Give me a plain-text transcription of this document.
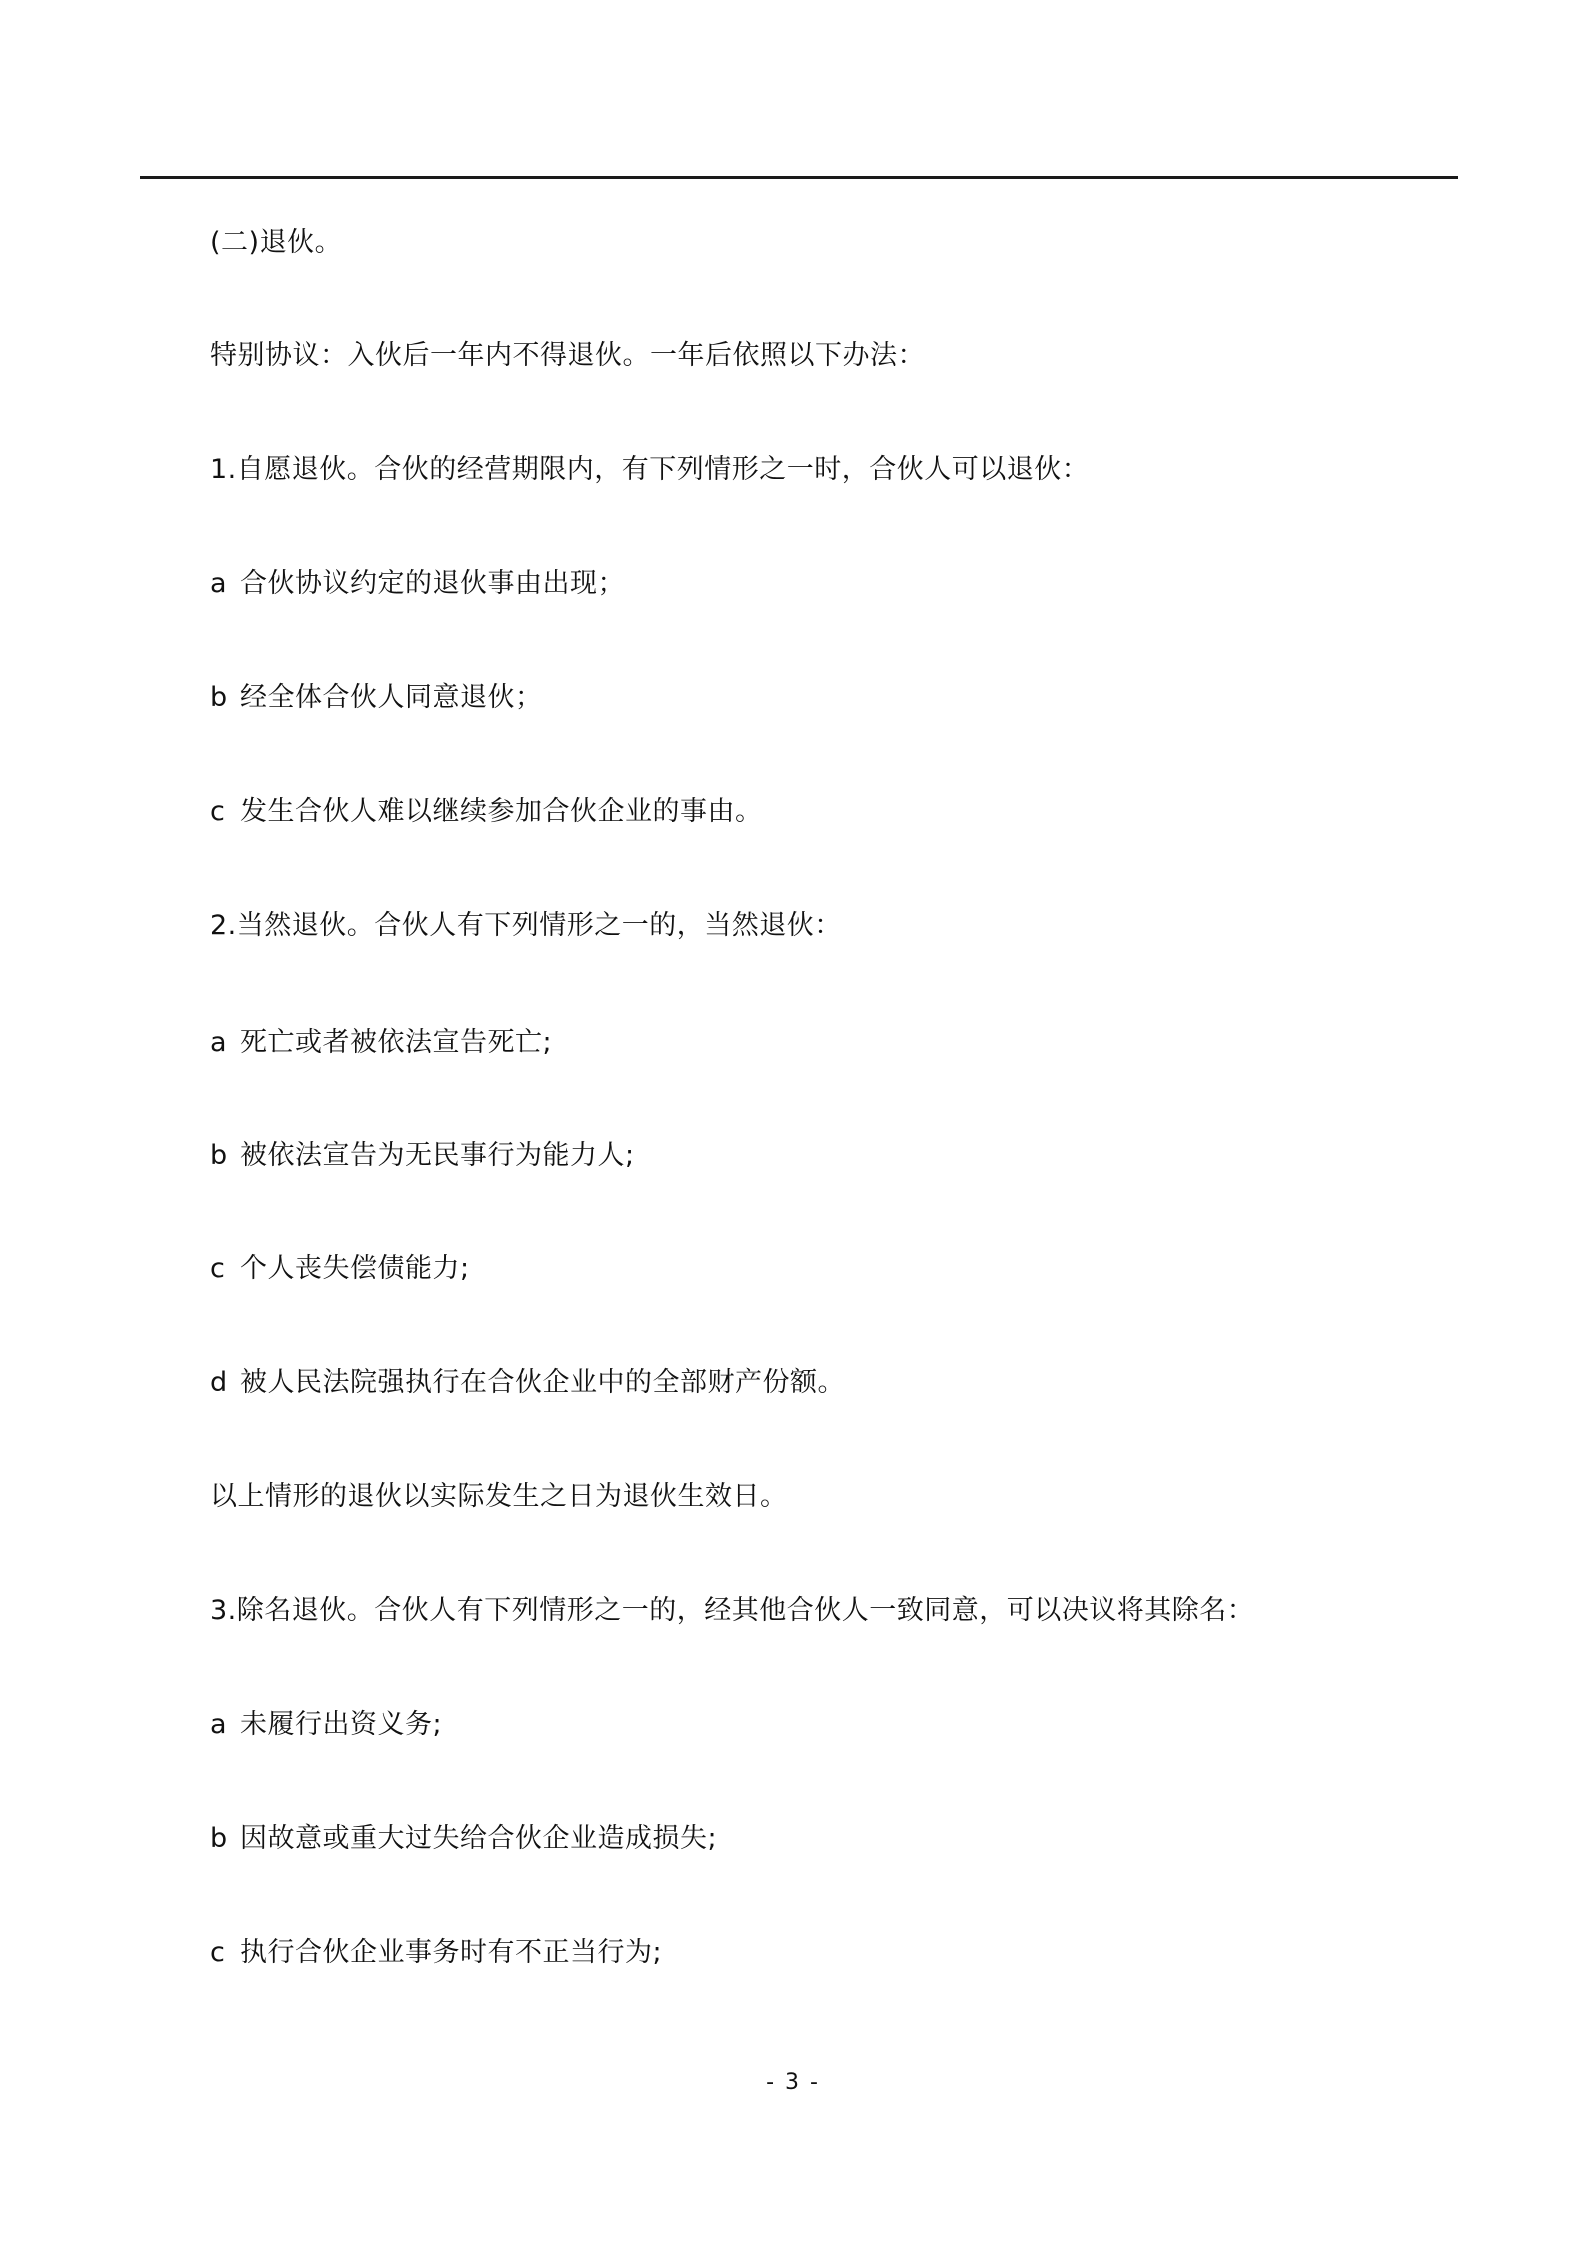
(二)退伙。
特别协议：入伙后一年内不得退伙。一年后依照以下办法：
1.自愿退伙。合伙的经营期限内，有下列情形之一时，合伙人可以退伙：
a 合伙协议约定的退伙事由出现；
b 经全体合伙人同意退伙；
c 发生合伙人难以继续参加合伙企业的事由。
2.当然退伙。合伙人有下列情形之一的，当然退伙：
a 死亡或者被依法宣告死亡;
b 被依法宣告为无民事行为能力人;
c 个人丧失偿债能力;
d 被人民法院强执行在合伙企业中的全部财产份额。
以上情形的退伙以实际发生之日为退伙生效日。
3.除名退伙。合伙人有下列情形之一的，经其他合伙人一致同意，可以决议将其除名：
a 未履行出资义务;
b 因故意或重大过失给合伙企业造成损失;
c 执行合伙企业事务时有不正当行为;
- 3 -
